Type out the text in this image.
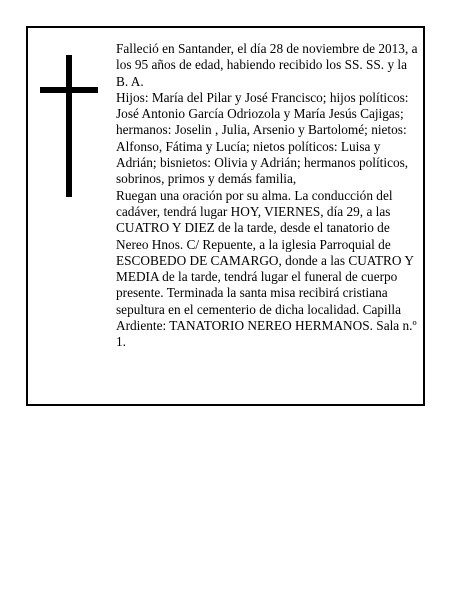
Falleció en Santander, el día 28 de noviembre de 2013, a los 95 años de edad, habiendo recibido los SS. SS. y la B. A.

Hijos: María del Pilar y José Francisco; hijos políticos: José Antonio García Odriozola y María Jesús Cajigas; hermanos: Joselin , Julia, Arsenio y Bartolomé; nietos: Alfonso, Fátima y Lucía; nietos políticos: Luisa y Adrián; bisnietos: Olivia y Adrián; hermanos políticos, sobrinos, primos y demás familia,

Ruegan una oración por su alma. La conducción del cadáver, tendrá lugar HOY, VIERNES, día 29, a las CUATRO Y DIEZ de la tarde, desde el tanatorio de Nereo Hnos. C/ Repuente, a la iglesia Parroquial de ESCOBEDO DE CAMARGO, donde a las CUATRO Y MEDIA de la tarde, tendrá lugar el funeral de cuerpo presente. Terminada la santa misa recibirá cristiana sepultura en el cementerio de dicha localidad. Capilla Ardiente: TANATORIO NEREO HERMANOS. Sala n.º 1.
